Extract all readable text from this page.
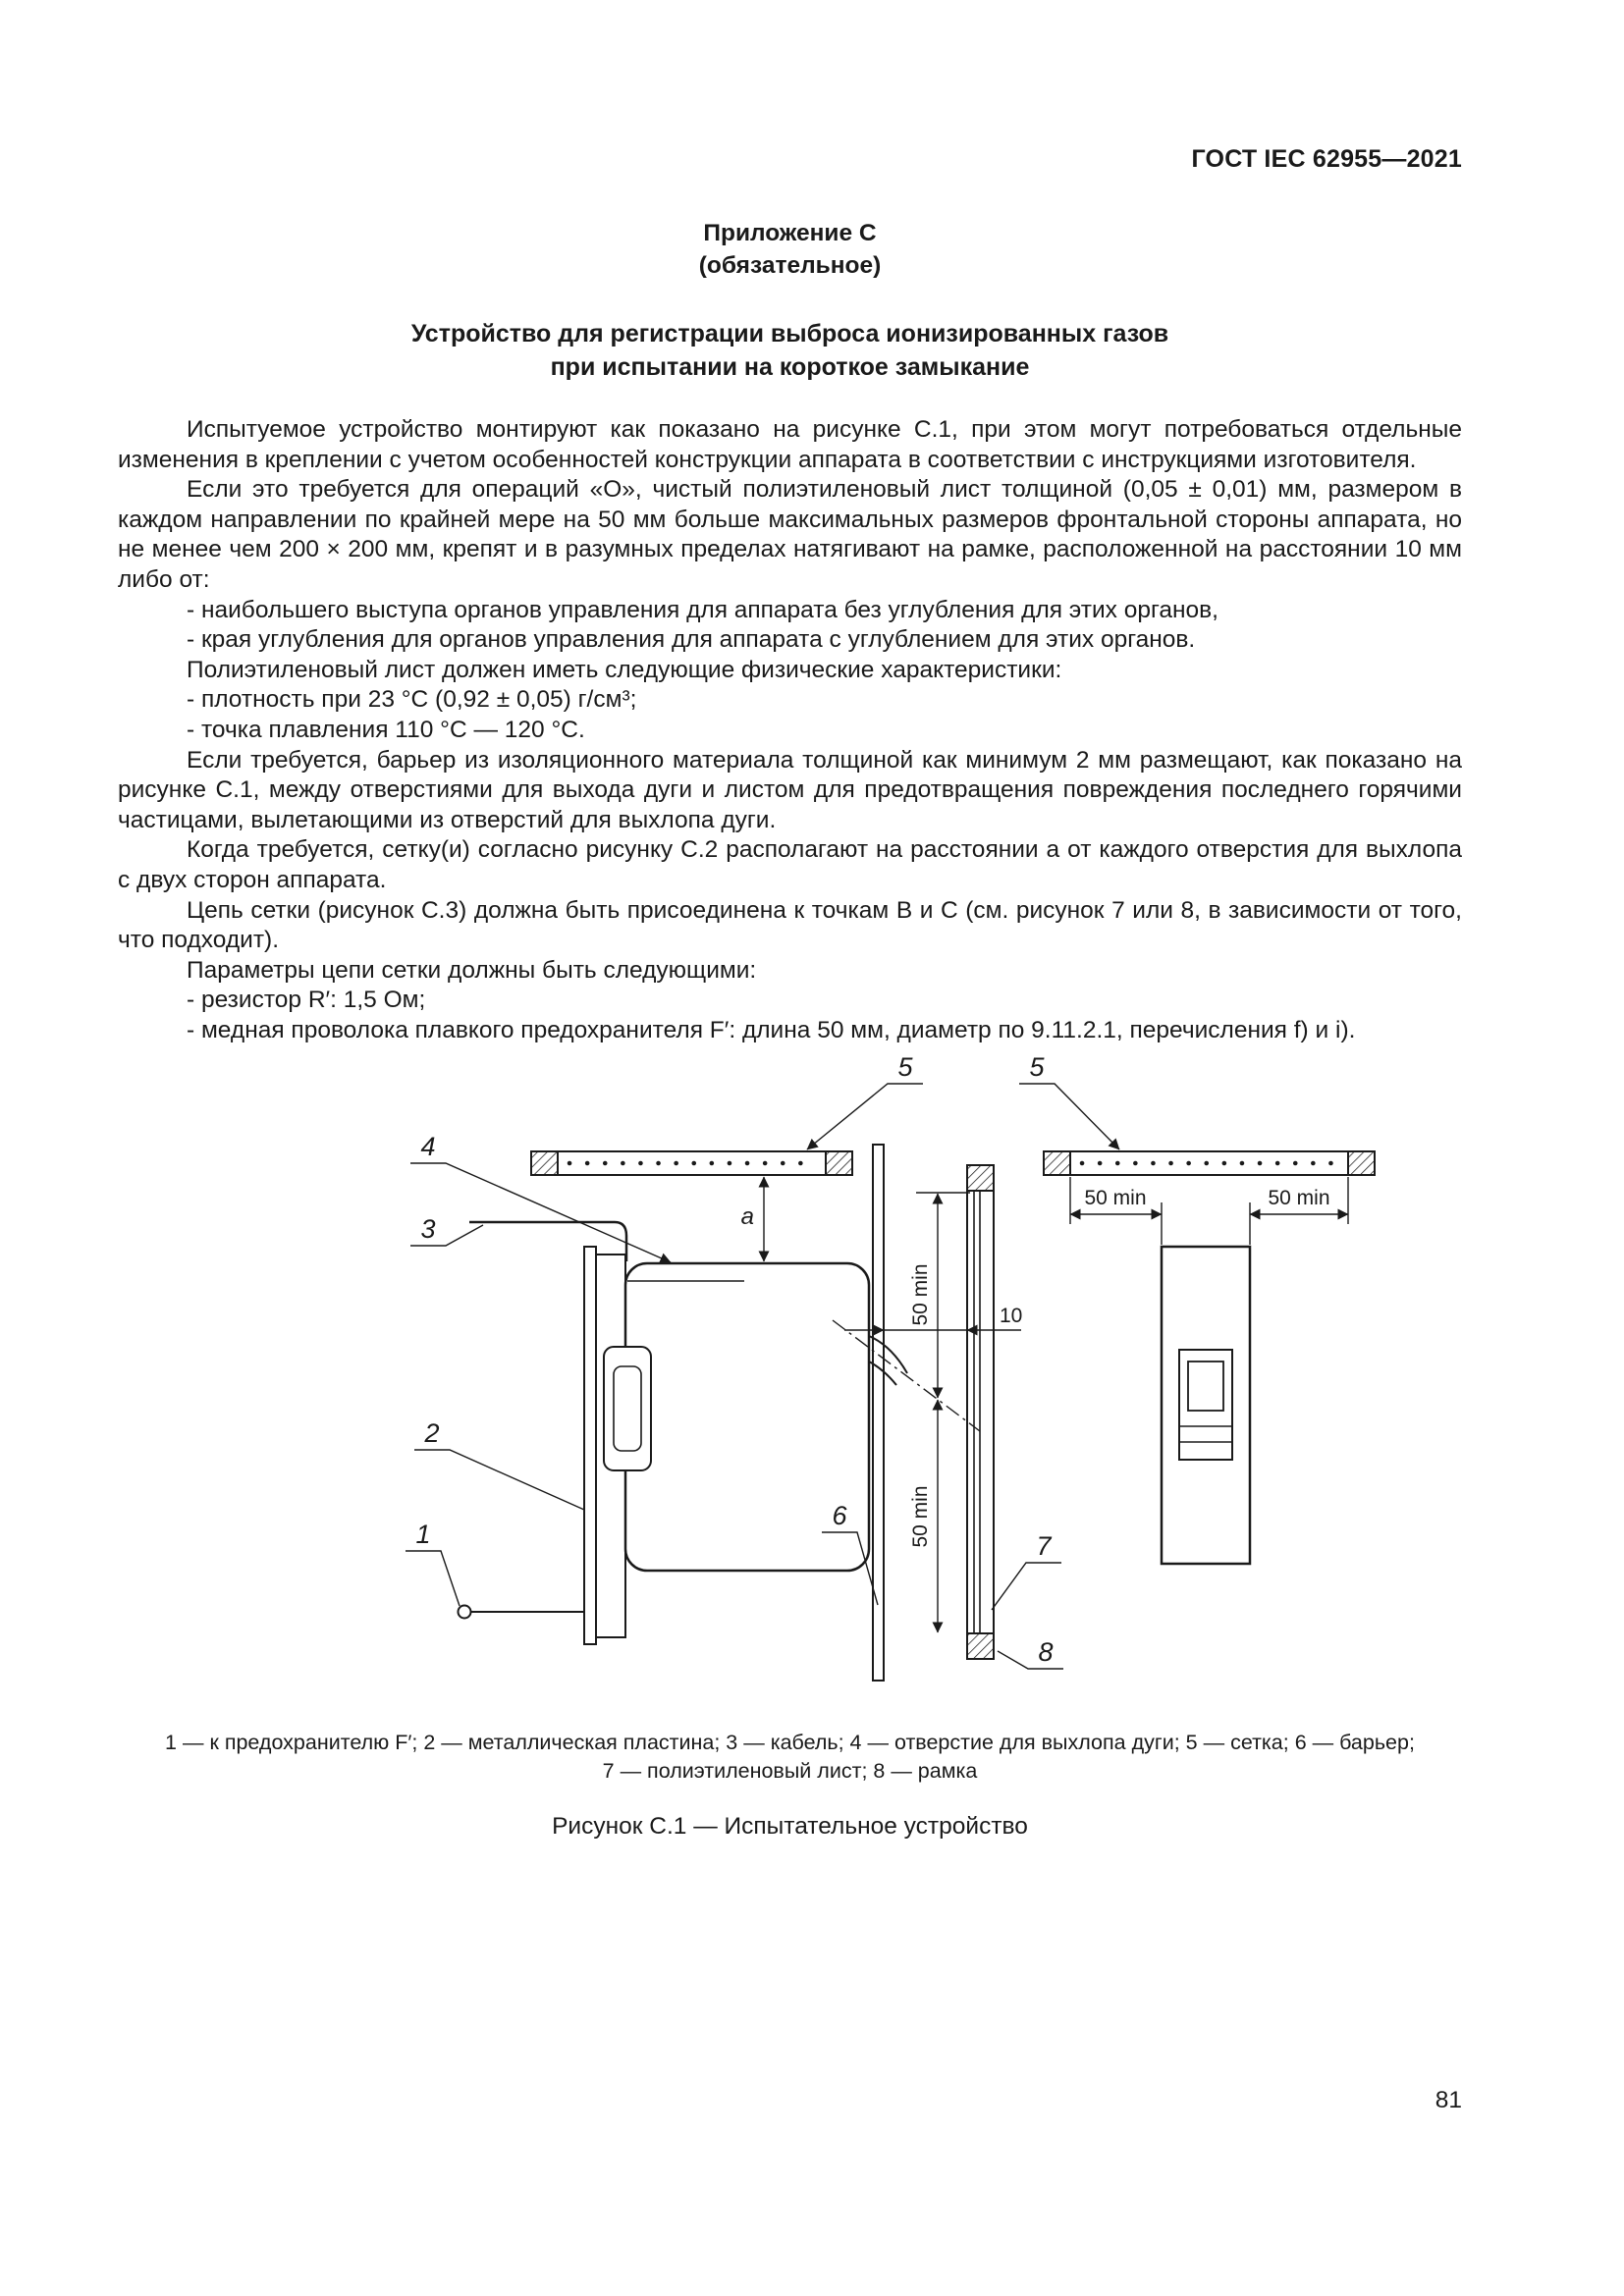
ГОСТ IEC 62955—2021
Приложение С
(обязательное)
Устройство для регистрации выброса ионизированных газов
при испытании на короткое замыкание

Испытуемое устройство монтируют как показано на рисунке С.1, при этом могут потребоваться отдельные изменения в креплении с учетом особенностей конструкции аппарата в соответствии с инструкциями изготовителя.

Если это требуется для операций «О», чистый полиэтиленовый лист толщиной (0,05 ± 0,01) мм, размером в каждом направлении по крайней мере на 50 мм больше максимальных размеров фронтальной стороны аппарата, но не менее чем 200 × 200 мм, крепят и в разумных пределах натягивают на рамке, расположенной на расстоянии 10 мм либо от:

- наибольшего выступа органов управления для аппарата без углубления для этих органов,

- края углубления для органов управления для аппарата с углублением для этих органов.

Полиэтиленовый лист должен иметь следующие физические характеристики:

- плотность при 23 °С (0,92 ± 0,05) г/см³;

- точка плавления 110 °С — 120 °С.

Если требуется, барьер из изоляционного материала толщиной как минимум 2 мм размещают, как показано на рисунке С.1, между отверстиями для выхода дуги и листом для предотвращения повреждения последнего горячими частицами, вылетающими из отверстий для выхлопа дуги.

Когда требуется, сетку(и) согласно рисунку С.2 располагают на расстоянии а от каждого отверстия для выхлопа с двух сторон аппарата.

Цепь сетки (рисунок С.3) должна быть присоединена к точкам В и С (см. рисунок 7 или 8, в зависимости от того, что подходит).

Параметры цепи сетки должны быть следующими:

- резистор R′: 1,5 Ом;

- медная проволока плавкого предохранителя F′: длина 50 мм, диаметр по 9.11.2.1, перечисления f) и i).

4
3
2
1
6
7
8
5	5
a
10
50 min
50 min
50 min	50 min
1 — к предохранителю F′; 2 — металлическая пластина; 3 — кабель; 4 — отверстие для выхлопа дуги; 5 — сетка; 6 — барьер;
7 — полиэтиленовый лист; 8 — рамка
Рисунок С.1 — Испытательное устройство
81
